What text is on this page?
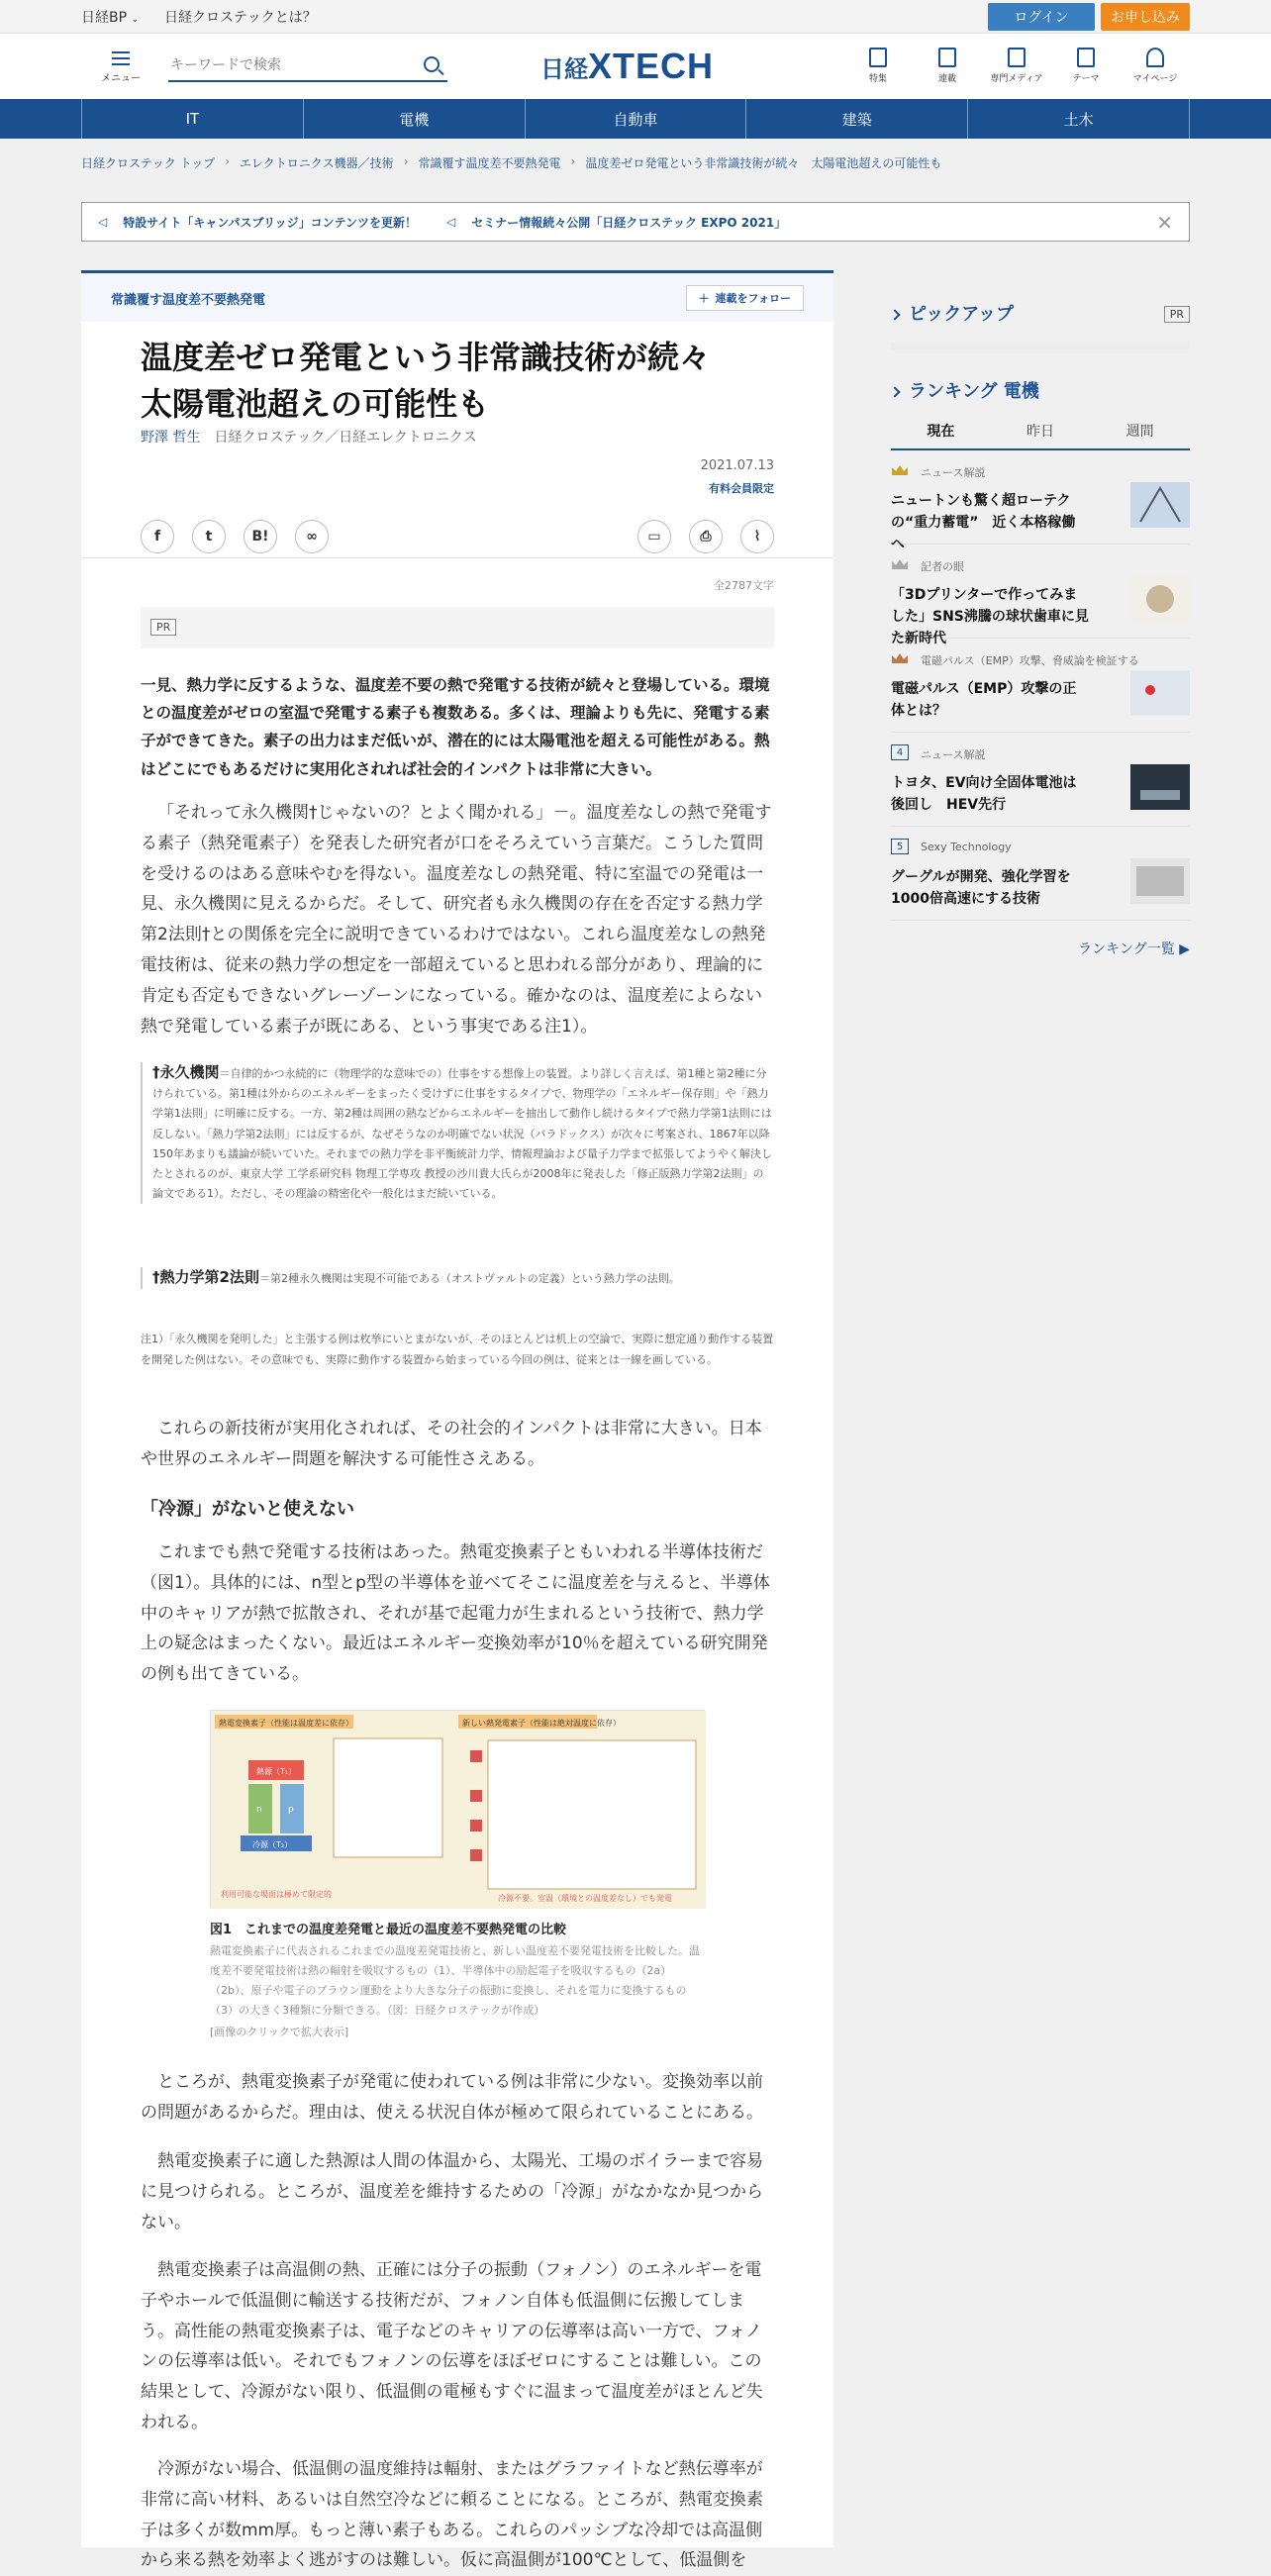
日経BP ⌄ 日経クロステックとは？	ログイン	お申し込み
メニュー
キーワードで検索	日経 XTECH	特集	連載	専門メディア	テーマ	マイページ
IT	電機	自動車	建築	土木
日経クロステック トップ › エレクトロニクス機器／技術 › 常識覆す温度差不要熱発電 › 温度差ゼロ発電という非常識技術が続々　太陽電池超えの可能性も
◁ 特設サイト「キャンパスブリッジ」コンテンツを更新！	◁ セミナー情報続々公開「日経クロステック EXPO 2021」	✕
常識覆す温度差不要熱発電	＋ 連載をフォロー
温度差ゼロ発電という非常識技術が続々
太陽電池超えの可能性も
野澤 哲生　 日経クロステック／日経エレクトロニクス
2021.07.13
有料会員限定
f	t	B!	∞	▭	⎙	⌇
全2787文字
PR

一見、熱力学に反するような、温度差不要の熱で発電する技術が続々と登場している。環境との温度差がゼロの室温で発電する素子も複数ある。多くは、理論よりも先に、発電する素子ができてきた。素子の出力はまだ低いが、潜在的には太陽電池を超える可能性がある。熱はどこにでもあるだけに実用化されれば社会的インパクトは非常に大きい。

「それって永久機関†じゃないの？とよく聞かれる」－。温度差なしの熱で発電する素子（熱発電素子）を発表した研究者が口をそろえていう言葉だ。こうした質問を受けるのはある意味やむを得ない。温度差なしの熱発電、特に室温での発電は一見、永久機関に見えるからだ。そして、研究者も永久機関の存在を否定する熱力学第2法則†との関係を完全に説明できているわけではない。これら温度差なしの熱発電技術は、従来の熱力学の想定を一部超えていると思われる部分があり、理論的に肯定も否定もできないグレーゾーンになっている。確かなのは、温度差によらない熱で発電している素子が既にある、という事実である注1）。

†永久機関＝自律的かつ永続的に（物理学的な意味での）仕事をする想像上の装置。より詳しく言えば、第1種と第2種に分けられている。第1種は外からのエネルギーをまったく受けずに仕事をするタイプで、物理学の「エネルギー保存則」や「熱力学第1法則」に明確に反する。一方、第2種は周囲の熱などからエネルギーを抽出して動作し続けるタイプで熱力学第1法則には反しない。「熱力学第2法則」には反するが、なぜそうなのか明確でない状況（パラドックス）が次々に考案され、1867年以降150年あまりも議論が続いていた。それまでの熱力学を非平衡統計力学、情報理論および量子力学まで拡張してようやく解決したとされるのが、東京大学 工学系研究科 物理工学専攻 教授の沙川貴大氏らが2008年に発表した「修正版熱力学第2法則」の論文である1）。ただし、その理論の精密化や一般化はまだ続いている。
†熱力学第2法則＝第2種永久機関は実現不可能である（オストヴァルトの定義）という熱力学の法則。

注1）「永久機関を発明した」と主張する例は枚挙にいとまがないが、そのほとんどは机上の空論で、実際に想定通り動作する装置を開発した例はない。その意味でも、実際に動作する装置から始まっている今回の例は、従来とは一線を画している。

これらの新技術が実用化されれば、その社会的インパクトは非常に大きい。日本や世界のエネルギー問題を解決する可能性さえある。

「冷源」がないと使えない

これまでも熱で発電する技術はあった。熱電変換素子ともいわれる半導体技術だ（図1）。具体的には、n型とp型の半導体を並べてそこに温度差を与えると、半導体中のキャリアが熱で拡散され、それが基で起電力が生まれるという技術で、熱力学上の疑念はまったくない。最近はエネルギー変換効率が10％を超えている研究開発の例も出てきている。

熱電変換素子（性能は温度差に依存）	新しい熱発電素子（性能は絶対温度に依存）
熱源（T₁）
n	p
冷源（T₂）
利用可能な場面は極めて限定的	冷源不要。室温（環境との温度差なし）でも発電
図1　これまでの温度差発電と最近の温度差不要熱発電の比較
熱電変換素子に代表されるこれまでの温度差発電技術と、新しい温度差不要発電技術を比較した。温度差不要発電技術は熱の輻射を吸収するもの（1）、半導体中の励起電子を吸収するもの（2a）（2b）、原子や電子のブラウン運動をより大きな分子の振動に変換し、それを電力に変換するもの（3）の大きく3種類に分類できる。（図：日経クロステックが作成）
[画像のクリックで拡大表示]

ところが、熱電変換素子が発電に使われている例は非常に少ない。変換効率以前の問題があるからだ。理由は、使える状況自体が極めて限られていることにある。

熱電変換素子に適した熱源は人間の体温から、太陽光、工場のボイラーまで容易に見つけられる。ところが、温度差を維持するための「冷源」がなかなか見つからない。

熱電変換素子は高温側の熱、正確には分子の振動（フォノン）のエネルギーを電子やホールで低温側に輸送する技術だが、フォノン自体も低温側に伝搬してしまう。高性能の熱電変換素子は、電子などのキャリアの伝導率は高い一方で、フォノンの伝導率は低い。それでもフォノンの伝導をほぼゼロにすることは難しい。この結果として、冷源がない限り、低温側の電極もすぐに温まって温度差がほとんど失われる。

冷源がない場合、低温側の温度維持は輻射、またはグラファイトなど熱伝導率が非常に高い材料、あるいは自然空冷などに頼ることになる。ところが、熱電変換素子は多くが数mm厚。もっと薄い素子もある。これらのパッシブな冷却では高温側から来る熱を効率よく逃がすのは難しい。仮に高温側が100℃として、低温側を

ピックアップ	PR
ランキング 電機
現在	昨日	週間
ニュース解説
ニュートンも驚く超ローテクの“重力蓄電”　近く本格稼働へ
記者の眼
「3Dプリンターで作ってみました」SNS沸騰の球状歯車に見た新時代
電磁パルス（EMP）攻撃、脅威論を検証する
電磁パルス（EMP）攻撃の正体とは？
4	ニュース解説
トヨタ、EV向け全固体電池は後回し　HEV先行
5	Sexy Technology
グーグルが開発、強化学習を1000倍高速にする技術
ランキング一覧 ▶
